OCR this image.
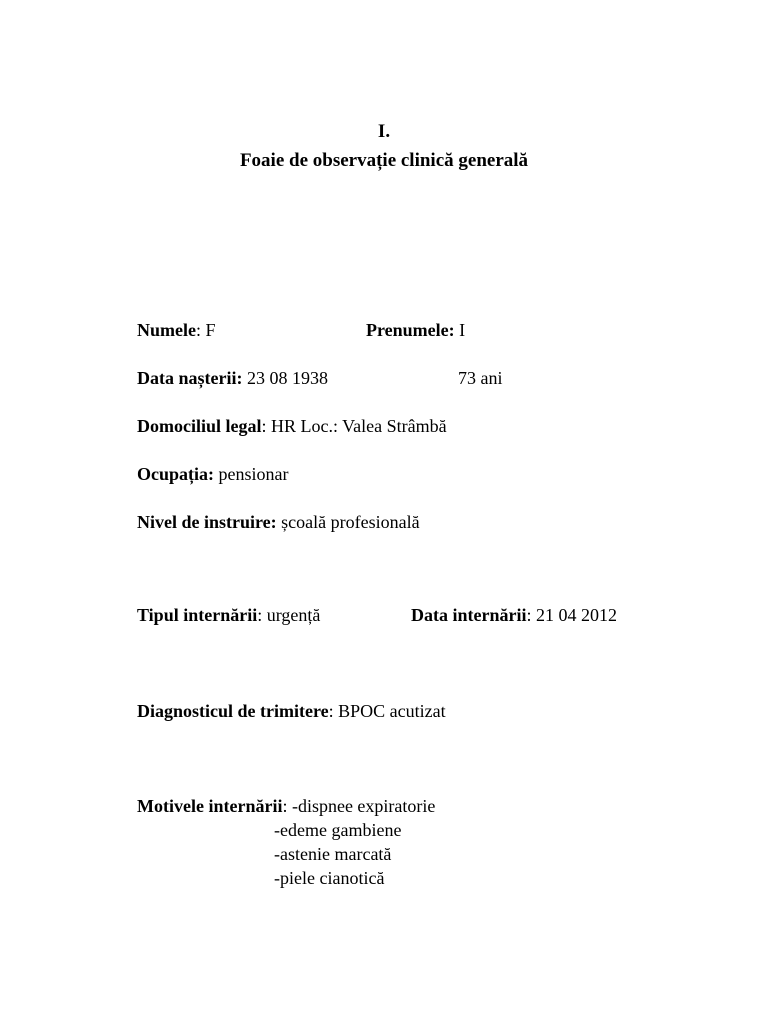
I.
Foaie de observație clinică generală
Numele: F	Prenumele: I
Data nașterii: 23 08 1938	73 ani
Domociliul legal: HR Loc.: Valea Strâmbă
Ocupația: pensionar
Nivel de instruire: școală profesională
Tipul internării: urgență	Data internării: 21 04 2012
Diagnosticul de trimitere: BPOC acutizat
Motivele internării: -dispnee expiratorie
-edeme gambiene
-astenie marcată
-piele cianotică
